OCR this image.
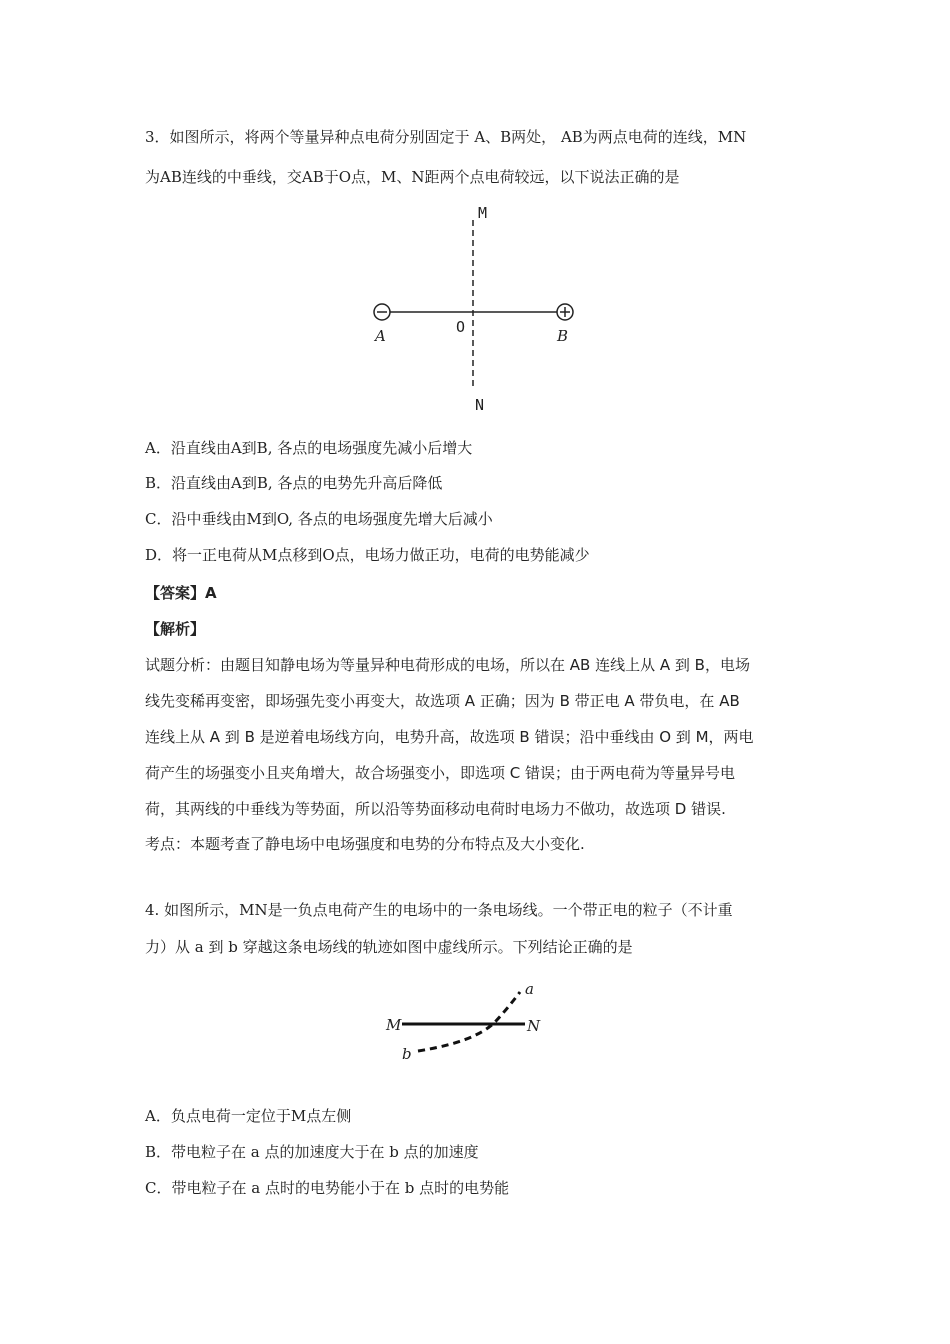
3．如图所示，将两个等量异种点电荷分别固定于 A、B两处， AB为两点电荷的连线，MN
为AB连线的中垂线，交AB于O点，M、N距两个点电荷较远，以下说法正确的是
M
N
O
A	B
A．沿直线由A到B, 各点的电场强度先减小后增大
B．沿直线由A到B, 各点的电势先升高后降低
C．沿中垂线由M到O, 各点的电场强度先增大后减小
D．将一正电荷从M点移到O点，电场力做正功，电荷的电势能减少
【答案】A
【解析】
试题分析：由题目知静电场为等量异种电荷形成的电场，所以在 AB 连线上从 A 到 B，电场
线先变稀再变密，即场强先变小再变大，故选项 A 正确；因为 B 带正电 A 带负电，在 AB
连线上从 A 到 B 是逆着电场线方向，电势升高，故选项 B 错误；沿中垂线由 O 到 M，两电
荷产生的场强变小且夹角增大，故合场强变小，即选项 C 错误；由于两电荷为等量异号电
荷，其两线的中垂线为等势面，所以沿等势面移动电荷时电场力不做功，故选项 D 错误.
考点：本题考查了静电场中电场强度和电势的分布特点及大小变化.
4. 如图所示，MN是一负点电荷产生的电场中的一条电场线。一个带正电的粒子（不计重
力）从 a 到 b 穿越这条电场线的轨迹如图中虚线所示。下列结论正确的是
M	N
a
b
A．负点电荷一定位于M点左侧
B．带电粒子在 a 点的加速度大于在 b 点的加速度
C．带电粒子在 a 点时的电势能小于在 b 点时的电势能
